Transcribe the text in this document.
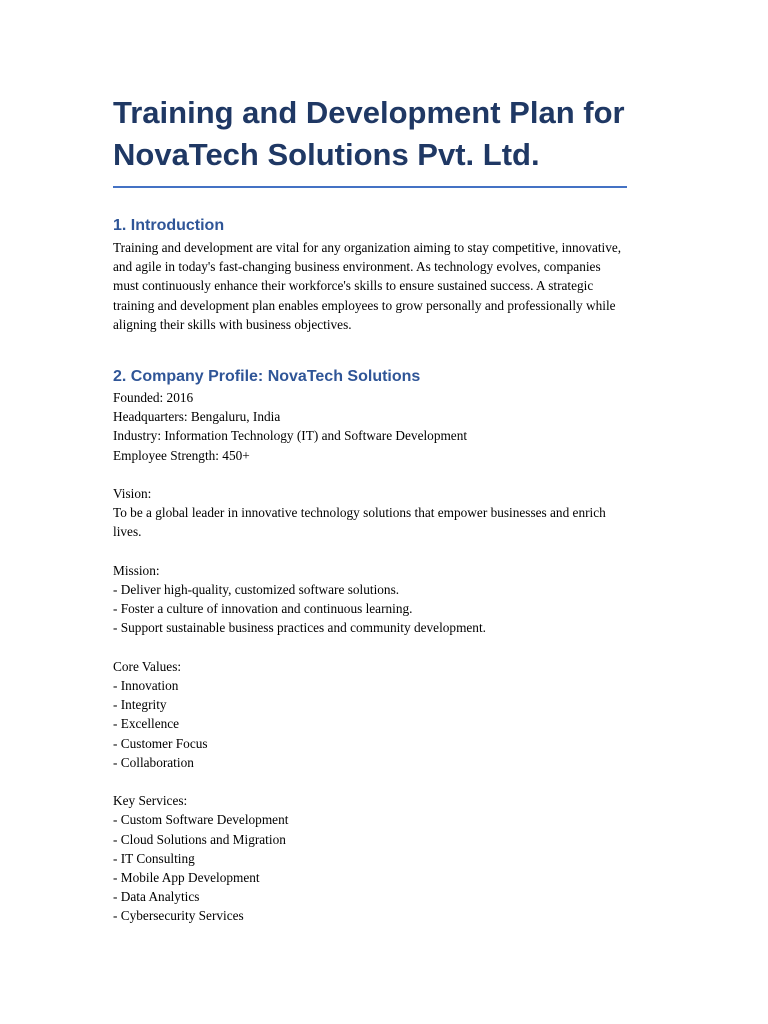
Training and Development Plan for NovaTech Solutions Pvt. Ltd.
1. Introduction

Training and development are vital for any organization aiming to stay competitive, innovative, and agile in today's fast-changing business environment. As technology evolves, companies must continuously enhance their workforce's skills to ensure sustained success. A strategic training and development plan enables employees to grow personally and professionally while aligning their skills with business objectives.

2. Company Profile: NovaTech Solutions

Founded: 2016

Headquarters: Bengaluru, India

Industry: Information Technology (IT) and Software Development

Employee Strength: 450+

Vision:

To be a global leader in innovative technology solutions that empower businesses and enrich lives.

Mission:

- Deliver high-quality, customized software solutions.

- Foster a culture of innovation and continuous learning.

- Support sustainable business practices and community development.

Core Values:

- Innovation

- Integrity

- Excellence

- Customer Focus

- Collaboration

Key Services:

- Custom Software Development

- Cloud Solutions and Migration

- IT Consulting

- Mobile App Development

- Data Analytics

- Cybersecurity Services
